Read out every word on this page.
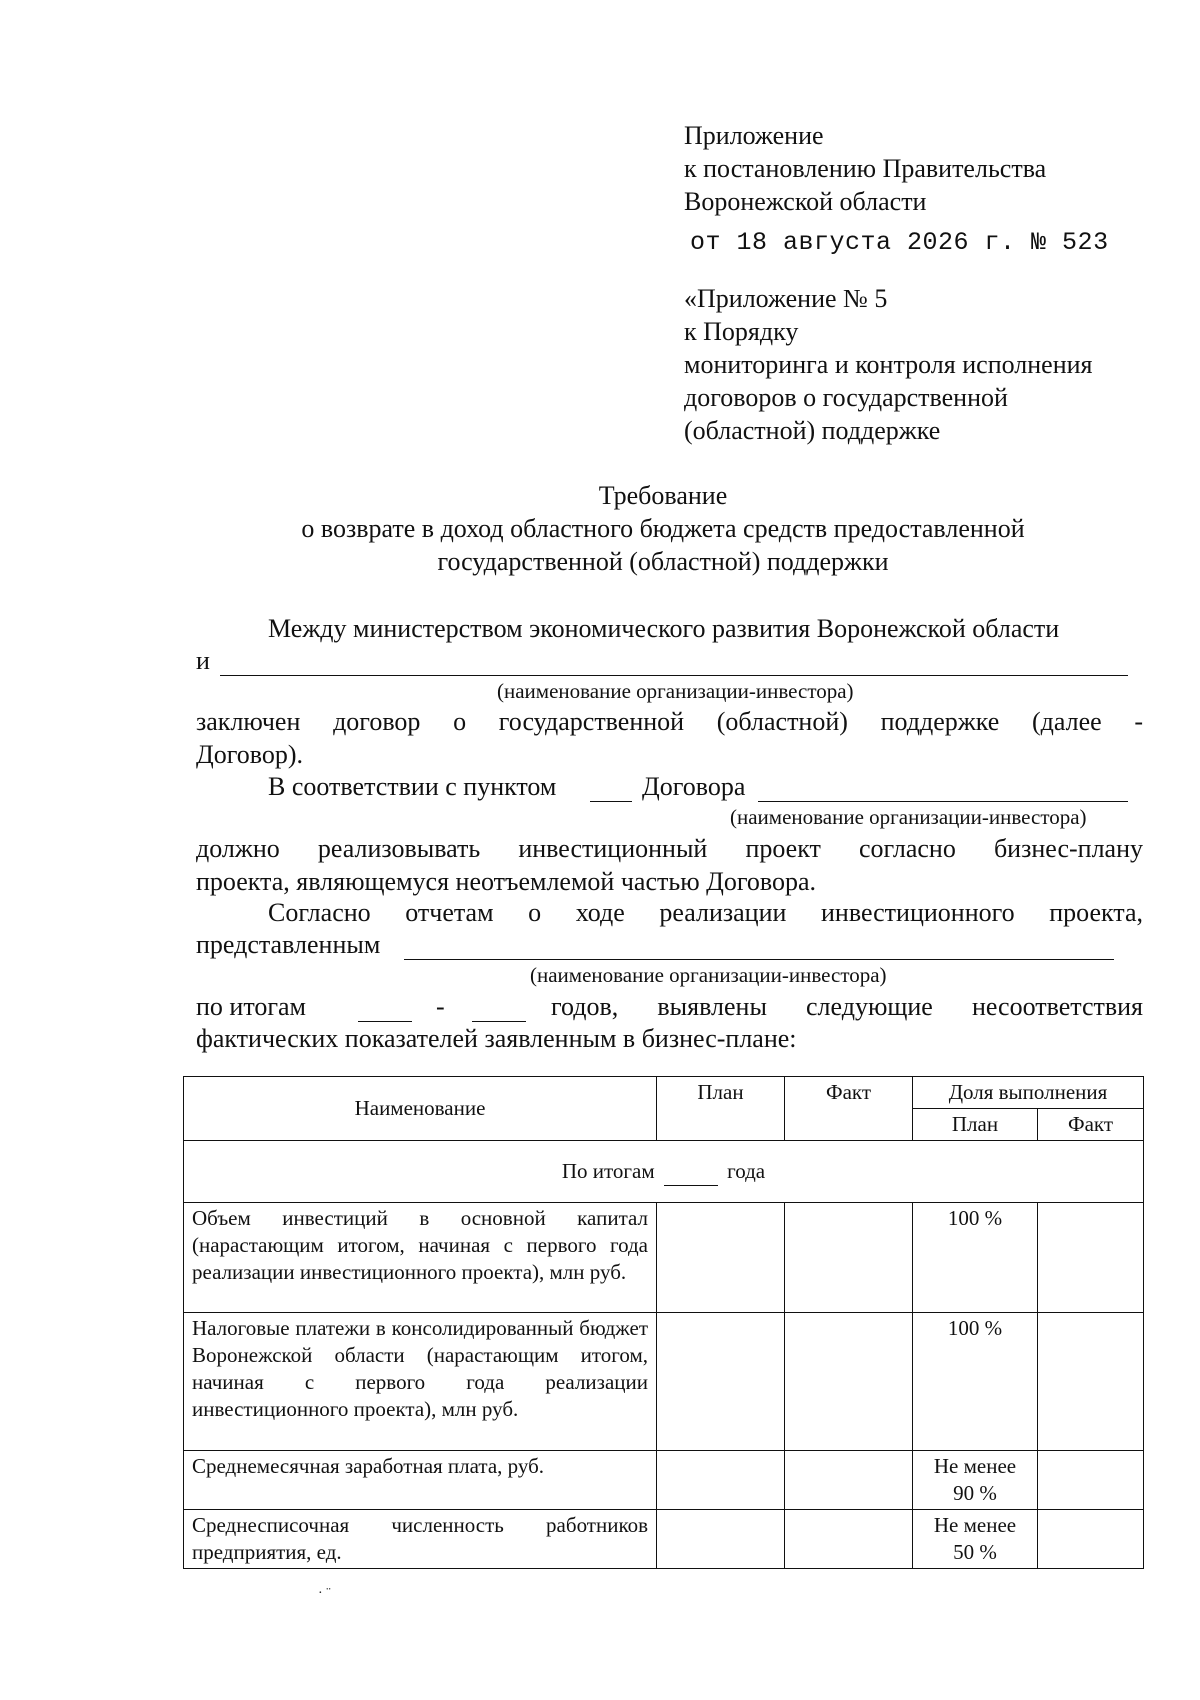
Приложение
к постановлению Правительства
Воронежской области
от 18 августа 2026 г. № 523
«Приложение № 5
к Порядку
мониторинга и контроля исполнения
договоров о государственной
(областной) поддержке
Требование
о возврате в доход областного бюджета средств предоставленной
государственной (областной) поддержки
Между министерством экономического развития Воронежской области
и
(наименование организации-инвестора)
заключен договор о государственной (областной) поддержке (далее -
Договор).
В соответствии с пунктом	Договора
(наименование организации-инвестора)
должно реализовывать инвестиционный проект согласно бизнес-плану
проекта, являющемуся неотъемлемой частью Договора.
Согласно отчетам о ходе реализации инвестиционного проекта,
представленным
(наименование организации-инвестора)
по итогам	-	годов, выявлены следующие несоответствия
фактических показателей заявленным в бизнес-плане:
Наименование	План	Факт	Доля выполнения	
			План	Факт
По итогам года				
Объем инвестиций в основной капитал (нарастающим итогом, начиная с первого года реализации инвестиционного проекта), млн руб.			100 %	
Налоговые платежи в консолидированный бюджет Воронежской области (нарастающим итогом, начиная с первого года реализации инвестиционного проекта), млн руб.			100 %	
Среднемесячная заработная плата, руб.			Не менее 90 %	
Среднесписочная численность работников предприятия, ед.			Не менее 50 %	
· ¨
